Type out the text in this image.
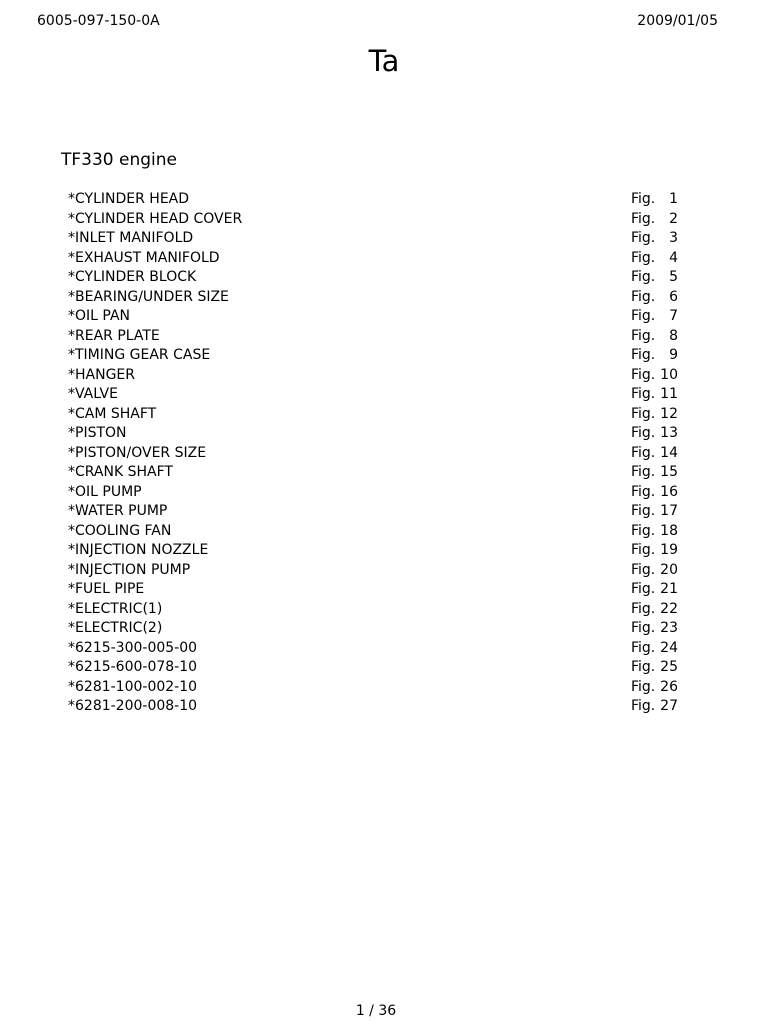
6005-097-150-0A	2009/01/05
Ta
TF330 engine
*CYLINDER HEAD	Fig. 1
*CYLINDER HEAD COVER	Fig. 2
*INLET MANIFOLD	Fig. 3
*EXHAUST MANIFOLD	Fig. 4
*CYLINDER BLOCK	Fig. 5
*BEARING/UNDER SIZE	Fig. 6
*OIL PAN	Fig. 7
*REAR PLATE	Fig. 8
*TIMING GEAR CASE	Fig. 9
*HANGER	Fig. 10
*VALVE	Fig. 11
*CAM SHAFT	Fig. 12
*PISTON	Fig. 13
*PISTON/OVER SIZE	Fig. 14
*CRANK SHAFT	Fig. 15
*OIL PUMP	Fig. 16
*WATER PUMP	Fig. 17
*COOLING FAN	Fig. 18
*INJECTION NOZZLE	Fig. 19
*INJECTION PUMP	Fig. 20
*FUEL PIPE	Fig. 21
*ELECTRIC(1)	Fig. 22
*ELECTRIC(2)	Fig. 23
*6215-300-005-00	Fig. 24
*6215-600-078-10	Fig. 25
*6281-100-002-10	Fig. 26
*6281-200-008-10	Fig. 27
1 / 36
